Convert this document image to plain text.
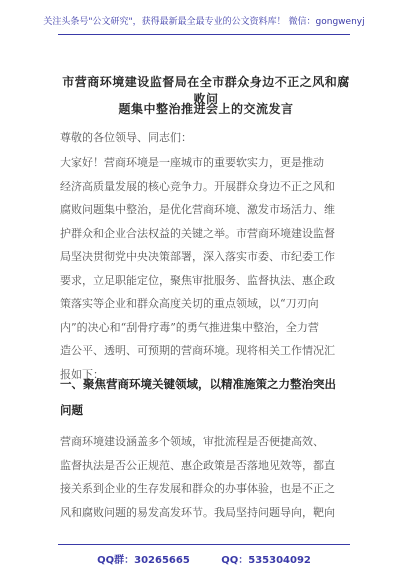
关注头条号"公文研究"，获得最新最全最专业的公文资料库！ 微信：gongwenyj
市营商环境建设监督局在全市群众身边不正之风和腐败问
题集中整治推进会上的交流发言
尊敬的各位领导、同志们：
大家好！营商环境是一座城市的重要软实力，更是推动
经济高质量发展的核心竞争力。开展群众身边不正之风和
腐败问题集中整治，是优化营商环境、激发市场活力、维
护群众和企业合法权益的关键之举。市营商环境建设监督
局坚决贯彻党中央决策部署，深入落实市委、市纪委工作
要求，立足职能定位，聚焦审批服务、监督执法、惠企政
策落实等企业和群众高度关切的重点领域，以“刀刃向
内”的决心和“刮骨疗毒”的勇气推进集中整治，全力营
造公平、透明、可预期的营商环境。现将相关工作情况汇
报如下：
一、聚焦营商环境关键领域，以精准施策之力整治突出
问题
营商环境建设涵盖多个领域，审批流程是否便捷高效、
监督执法是否公正规范、惠企政策是否落地见效等，都直
接关系到企业的生存发展和群众的办事体验，也是不正之
风和腐败问题的易发高发环节。我局坚持问题导向，靶向
QQ群：30265665	QQ：535304092
